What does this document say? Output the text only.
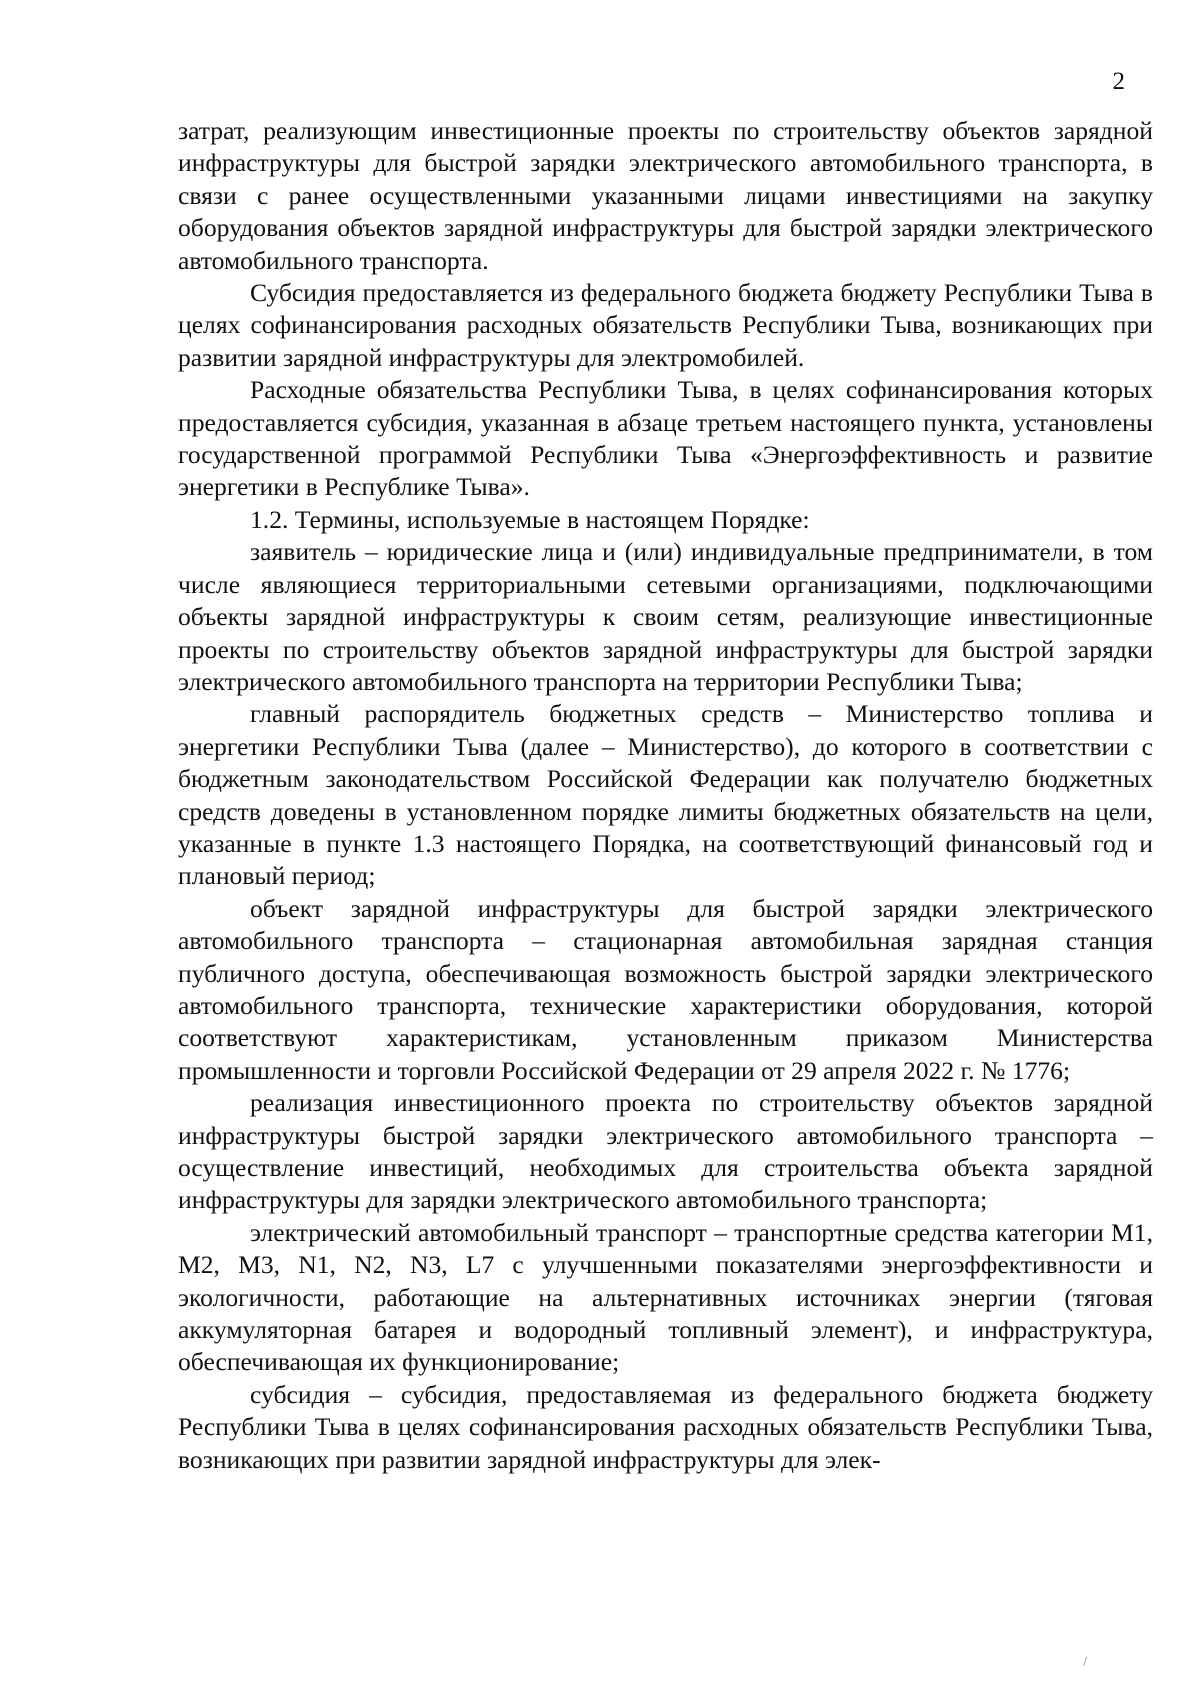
2

затрат, реализующим инвестиционные проекты по строительству объектов зарядной инфраструктуры для быстрой зарядки электрического автомобильного транспорта, в связи с ранее осуществленными указанными лицами инвестициями на закупку оборудования объектов зарядной инфраструктуры для быстрой зарядки электрического автомобильного транспорта.

Субсидия предоставляется из федерального бюджета бюджету Республики Тыва в целях софинансирования расходных обязательств Республики Тыва, возникающих при развитии зарядной инфраструктуры для электромобилей.

Расходные обязательства Республики Тыва, в целях софинансирования которых предоставляется субсидия, указанная в абзаце третьем настоящего пункта, установлены государственной программой Республики Тыва «Энергоэффективность и развитие энергетики в Республике Тыва».

1.2. Термины, используемые в настоящем Порядке:

заявитель – юридические лица и (или) индивидуальные предприниматели, в том числе являющиеся территориальными сетевыми организациями, подключающими объекты зарядной инфраструктуры к своим сетям, реализующие инвестиционные проекты по строительству объектов зарядной инфраструктуры для быстрой зарядки электрического автомобильного транспорта на территории Республики Тыва;

главный распорядитель бюджетных средств – Министерство топлива и энергетики Республики Тыва (далее – Министерство), до которого в соответствии с бюджетным законодательством Российской Федерации как получателю бюджетных средств доведены в установленном порядке лимиты бюджетных обязательств на цели, указанные в пункте 1.3 настоящего Порядка, на соответствующий финансовый год и плановый период;

объект зарядной инфраструктуры для быстрой зарядки электрического автомобильного транспорта – стационарная автомобильная зарядная станция публичного доступа, обеспечивающая возможность быстрой зарядки электрического автомобильного транспорта, технические характеристики оборудования, которой соответствуют характеристикам, установленным приказом Министерства промышленности и торговли Российской Федерации от 29 апреля 2022 г. № 1776;

реализация инвестиционного проекта по строительству объектов зарядной инфраструктуры быстрой зарядки электрического автомобильного транспорта – осуществление инвестиций, необходимых для строительства объекта зарядной инфраструктуры для зарядки электрического автомобильного транспорта;

электрический автомобильный транспорт – транспортные средства категории М1, М2, М3, N1, N2, N3, L7 с улучшенными показателями энергоэффективности и экологичности, работающие на альтернативных источниках энергии (тяговая аккумуляторная батарея и водородный топливный элемент), и инфраструктура, обеспечивающая их функционирование;

субсидия – субсидия, предоставляемая из федерального бюджета бюджету Республики Тыва в целях софинансирования расходных обязательств Республики Тыва, возникающих при развитии зарядной инфраструктуры для элек-

/
